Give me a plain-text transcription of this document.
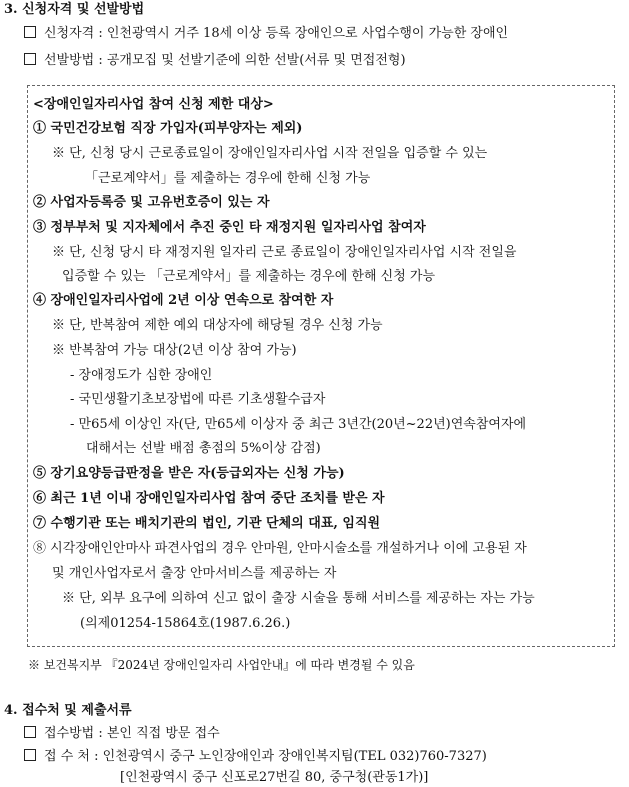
3. 신청자격 및 선발방법
신청자격 : 인천광역시 거주 18세 이상 등록 장애인으로 사업수행이 가능한 장애인
선발방법 : 공개모집 및 선발기준에 의한 선발(서류 및 면접전형)
<장애인일자리사업 참여 신청 제한 대상>
① 국민건강보험 직장 가입자(피부양자는 제외)
※ 단, 신청 당시 근로종료일이 장애인일자리사업 시작 전일을 입증할 수 있는
「근로계약서」를 제출하는 경우에 한해 신청 가능
② 사업자등록증 및 고유번호증이 있는 자
③ 정부부처 및 지자체에서 추진 중인 타 재정지원 일자리사업 참여자
※ 단, 신청 당시 타 재정지원 일자리 근로 종료일이 장애인일자리사업 시작 전일을
입증할 수 있는 「근로계약서」를 제출하는 경우에 한해 신청 가능
④ 장애인일자리사업에 2년 이상 연속으로 참여한 자
※ 단, 반복참여 제한 예외 대상자에 해당될 경우 신청 가능
※ 반복참여 가능 대상(2년 이상 참여 가능)
- 장애정도가 심한 장애인
- 국민생활기초보장법에 따른 기초생활수급자
- 만65세 이상인 자(단, 만65세 이상자 중 최근 3년간(20년~22년)연속참여자에
대해서는 선발 배점 총점의 5%이상 감점)
⑤ 장기요양등급판정을 받은 자(등급외자는 신청 가능)
⑥ 최근 1년 이내 장애인일자리사업 참여 중단 조치를 받은 자
⑦ 수행기관 또는 배치기관의 법인, 기관 단체의 대표, 임직원
⑧ 시각장애인안마사 파견사업의 경우 안마원, 안마시술소를 개설하거나 이에 고용된 자
및 개인사업자로서 출장 안마서비스를 제공하는 자
※ 단, 외부 요구에 의하여 신고 없이 출장 시술을 통해 서비스를 제공하는 자는 가능
(의제01254-15864호(1987.6.26.)
※ 보건복지부 『2024년 장애인일자리 사업안내』에 따라 변경될 수 있음
4. 접수처 및 제출서류
접수방법 : 본인 직접 방문 접수
접 수 처 : 인천광역시 중구 노인장애인과 장애인복지팀(TEL 032)760-7327)
[인천광역시 중구 신포로27번길 80, 중구청(관동1가)]
